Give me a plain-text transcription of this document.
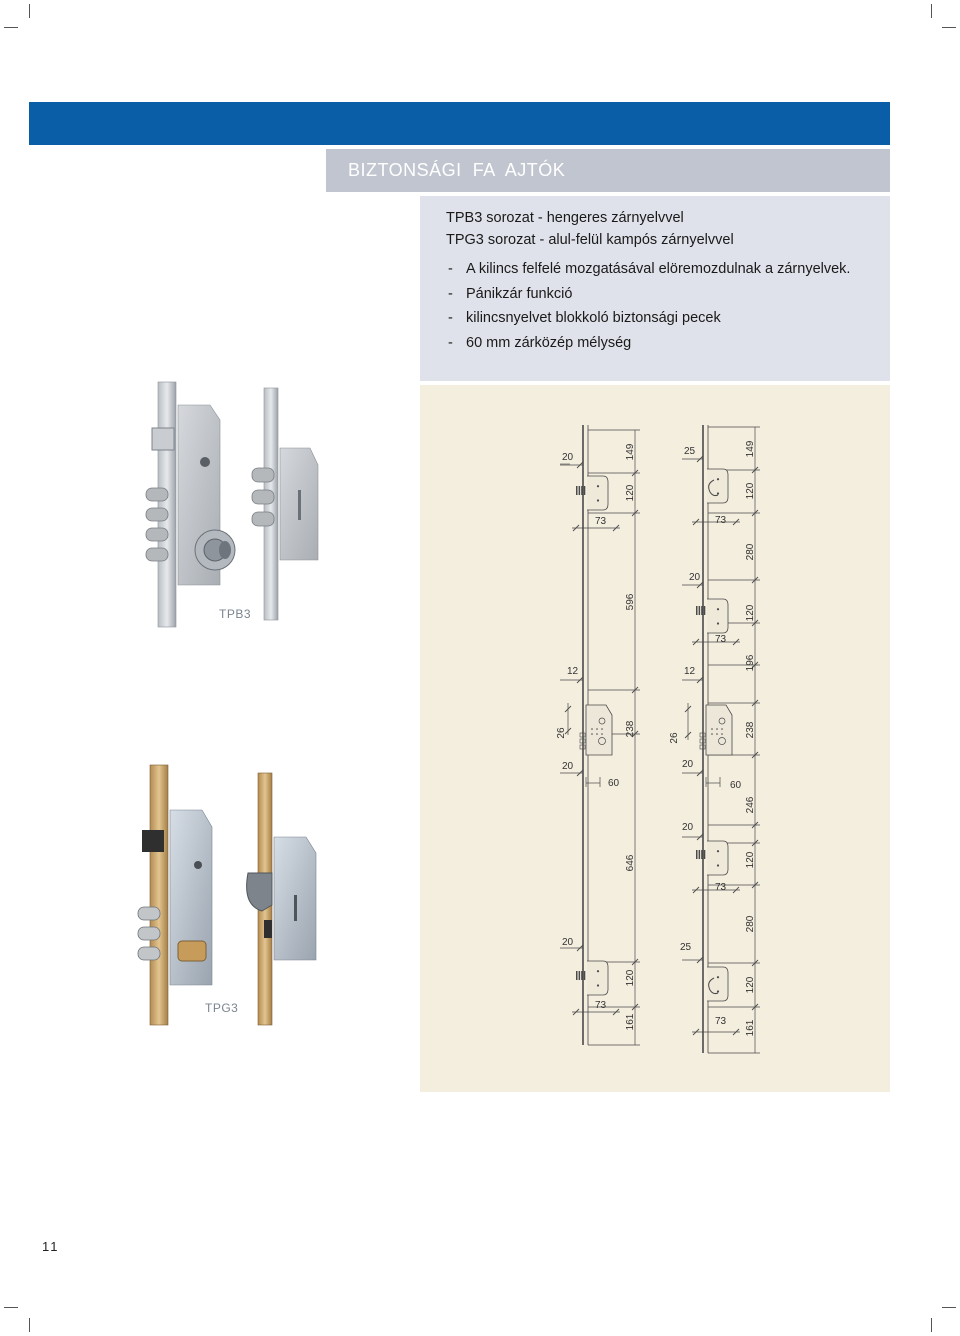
BIZTONSÁGI  FA  AJTÓK
TPB3 sorozat - hengeres zárnyelvvel
TPG3 sorozat - alul-felül kampós zárnyelvvel
- A kilincs felfelé mozgatásával elöremozdulnak a zárnyelvek.
- Pánikzár funkció
- kilincsnyelvet blokkoló biztonsági pecek
- 60 mm zárközép mélység
TPB3
TPG3
20	149
120
73
596
12
26	238
20
60
646
20
120
73
161
25	149
120
73
280
20
120
73
196
12
26	238
20
60
246
20
120
73
280
25
120
73 161
11
